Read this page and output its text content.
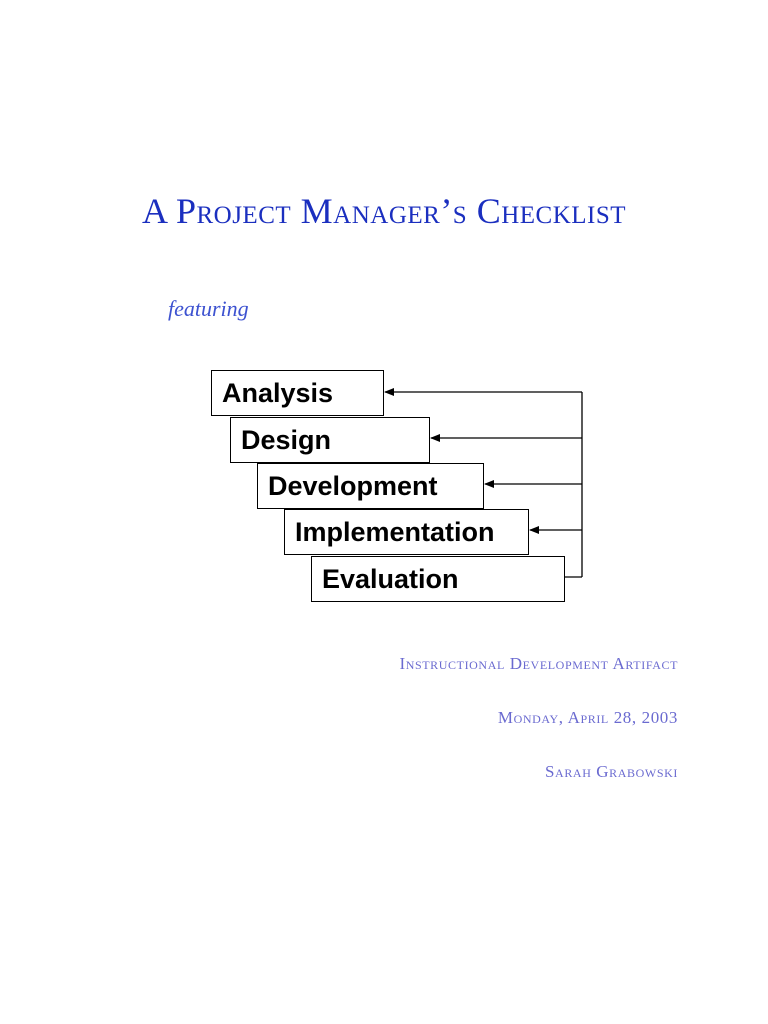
A Project Manager’s Checklist
featuring
Analysis
Design
Development
Implementation
Evaluation
Instructional Development Artifact
Monday, April 28, 2003
Sarah Grabowski
